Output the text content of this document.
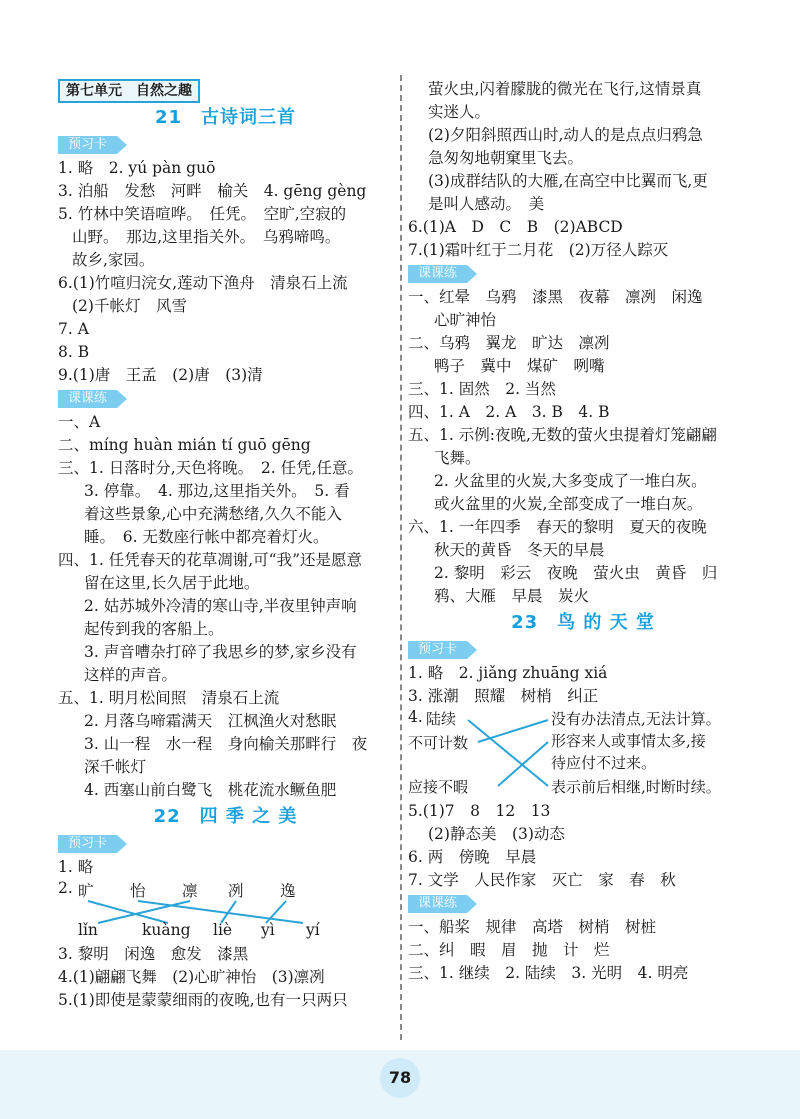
第七单元　自然之趣
21　古诗词三首
预习卡
1. 略　2. yú pàn guō
3. 泊船　发愁　河畔　榆关　4. gēng gèng
5. 竹林中笑语喧哗。　任凭。　空旷,空寂的
山野。　那边,这里指关外。　乌鸦啼鸣。
故乡,家园。
6.(1)竹喧归浣女,莲动下渔舟　清泉石上流
(2)千帐灯　风雪
7. A
8. B
9.(1)唐　王孟　(2)唐　(3)清
课课练
一、A
二、míng huàn mián tí guō gēng
三、1. 日落时分,天色将晚。　2. 任凭,任意。
3. 停靠。　4. 那边,这里指关外。　5. 看
着这些景象,心中充满愁绪,久久不能入
睡。　6. 无数座行帐中都亮着灯火。
四、1. 任凭春天的花草凋谢,可“我”还是愿意
留在这里,长久居于此地。
2. 姑苏城外冷清的寒山寺,半夜里钟声响
起传到我的客船上。
3. 声音嘈杂打碎了我思乡的梦,家乡没有
这样的声音。
五、1. 明月松间照　清泉石上流
2. 月落乌啼霜满天　江枫渔火对愁眠
3. 山一程　水一程　身向榆关那畔行　夜
深千帐灯
4. 西塞山前白鹭飞　桃花流水鳜鱼肥
22　四 季 之 美
预习卡
1. 略
2. 旷 怡 凛 冽 逸
lǐn	kuàng liè yì yí
3. 黎明　闲逸　愈发　漆黑
4.(1)翩翩飞舞　(2)心旷神怡　(3)凛冽
5.(1)即使是蒙蒙细雨的夜晚,也有一只两只
萤火虫,闪着朦胧的微光在飞行,这情景真
实迷人。
(2)夕阳斜照西山时,动人的是点点归鸦急
急匆匆地朝窠里飞去。
(3)成群结队的大雁,在高空中比翼而飞,更
是叫人感动。　美
6.(1)A　D　C　B　(2)ABCD
7.(1)霜叶红于二月花　(2)万径人踪灭
课课练
一、红晕　乌鸦　漆黑　夜幕　凛冽　闲逸
心旷神怡
二、乌鸦　翼龙　旷达　凛冽
鸭子　冀中　煤矿　咧嘴
三、1. 固然　2. 当然
四、1. A　2. A　3. B　4. B
五、1. 示例:夜晚,无数的萤火虫提着灯笼翩翩
飞舞。
2. 火盆里的火炭,大多变成了一堆白灰。
或火盆里的火炭,全部变成了一堆白灰。
六、1. 一年四季　春天的黎明　夏天的夜晚
秋天的黄昏　冬天的早晨
2. 黎明　彩云　夜晚　萤火虫　黄昏　归
鸦、大雁　早晨　炭火
23　鸟 的 天 堂
预习卡
1. 略　2. jiǎng zhuāng xiá
3. 涨潮　照耀　树梢　纠正
4. 陆续
不可计数
应接不暇
没有办法清点,无法计算。
形容来人或事情太多,接
待应付不过来。
表示前后相继,时断时续。
5.(1)7　8　12　13
(2)静态美　(3)动态
6. 两　傍晚　早晨
7. 文学　人民作家　灭亡　家　春　秋
课课练
一、船桨　规律　高塔　树梢　树桩
二、纠　暇　眉　抛　计　烂
三、1. 继续　2. 陆续　3. 光明　4. 明亮
78
